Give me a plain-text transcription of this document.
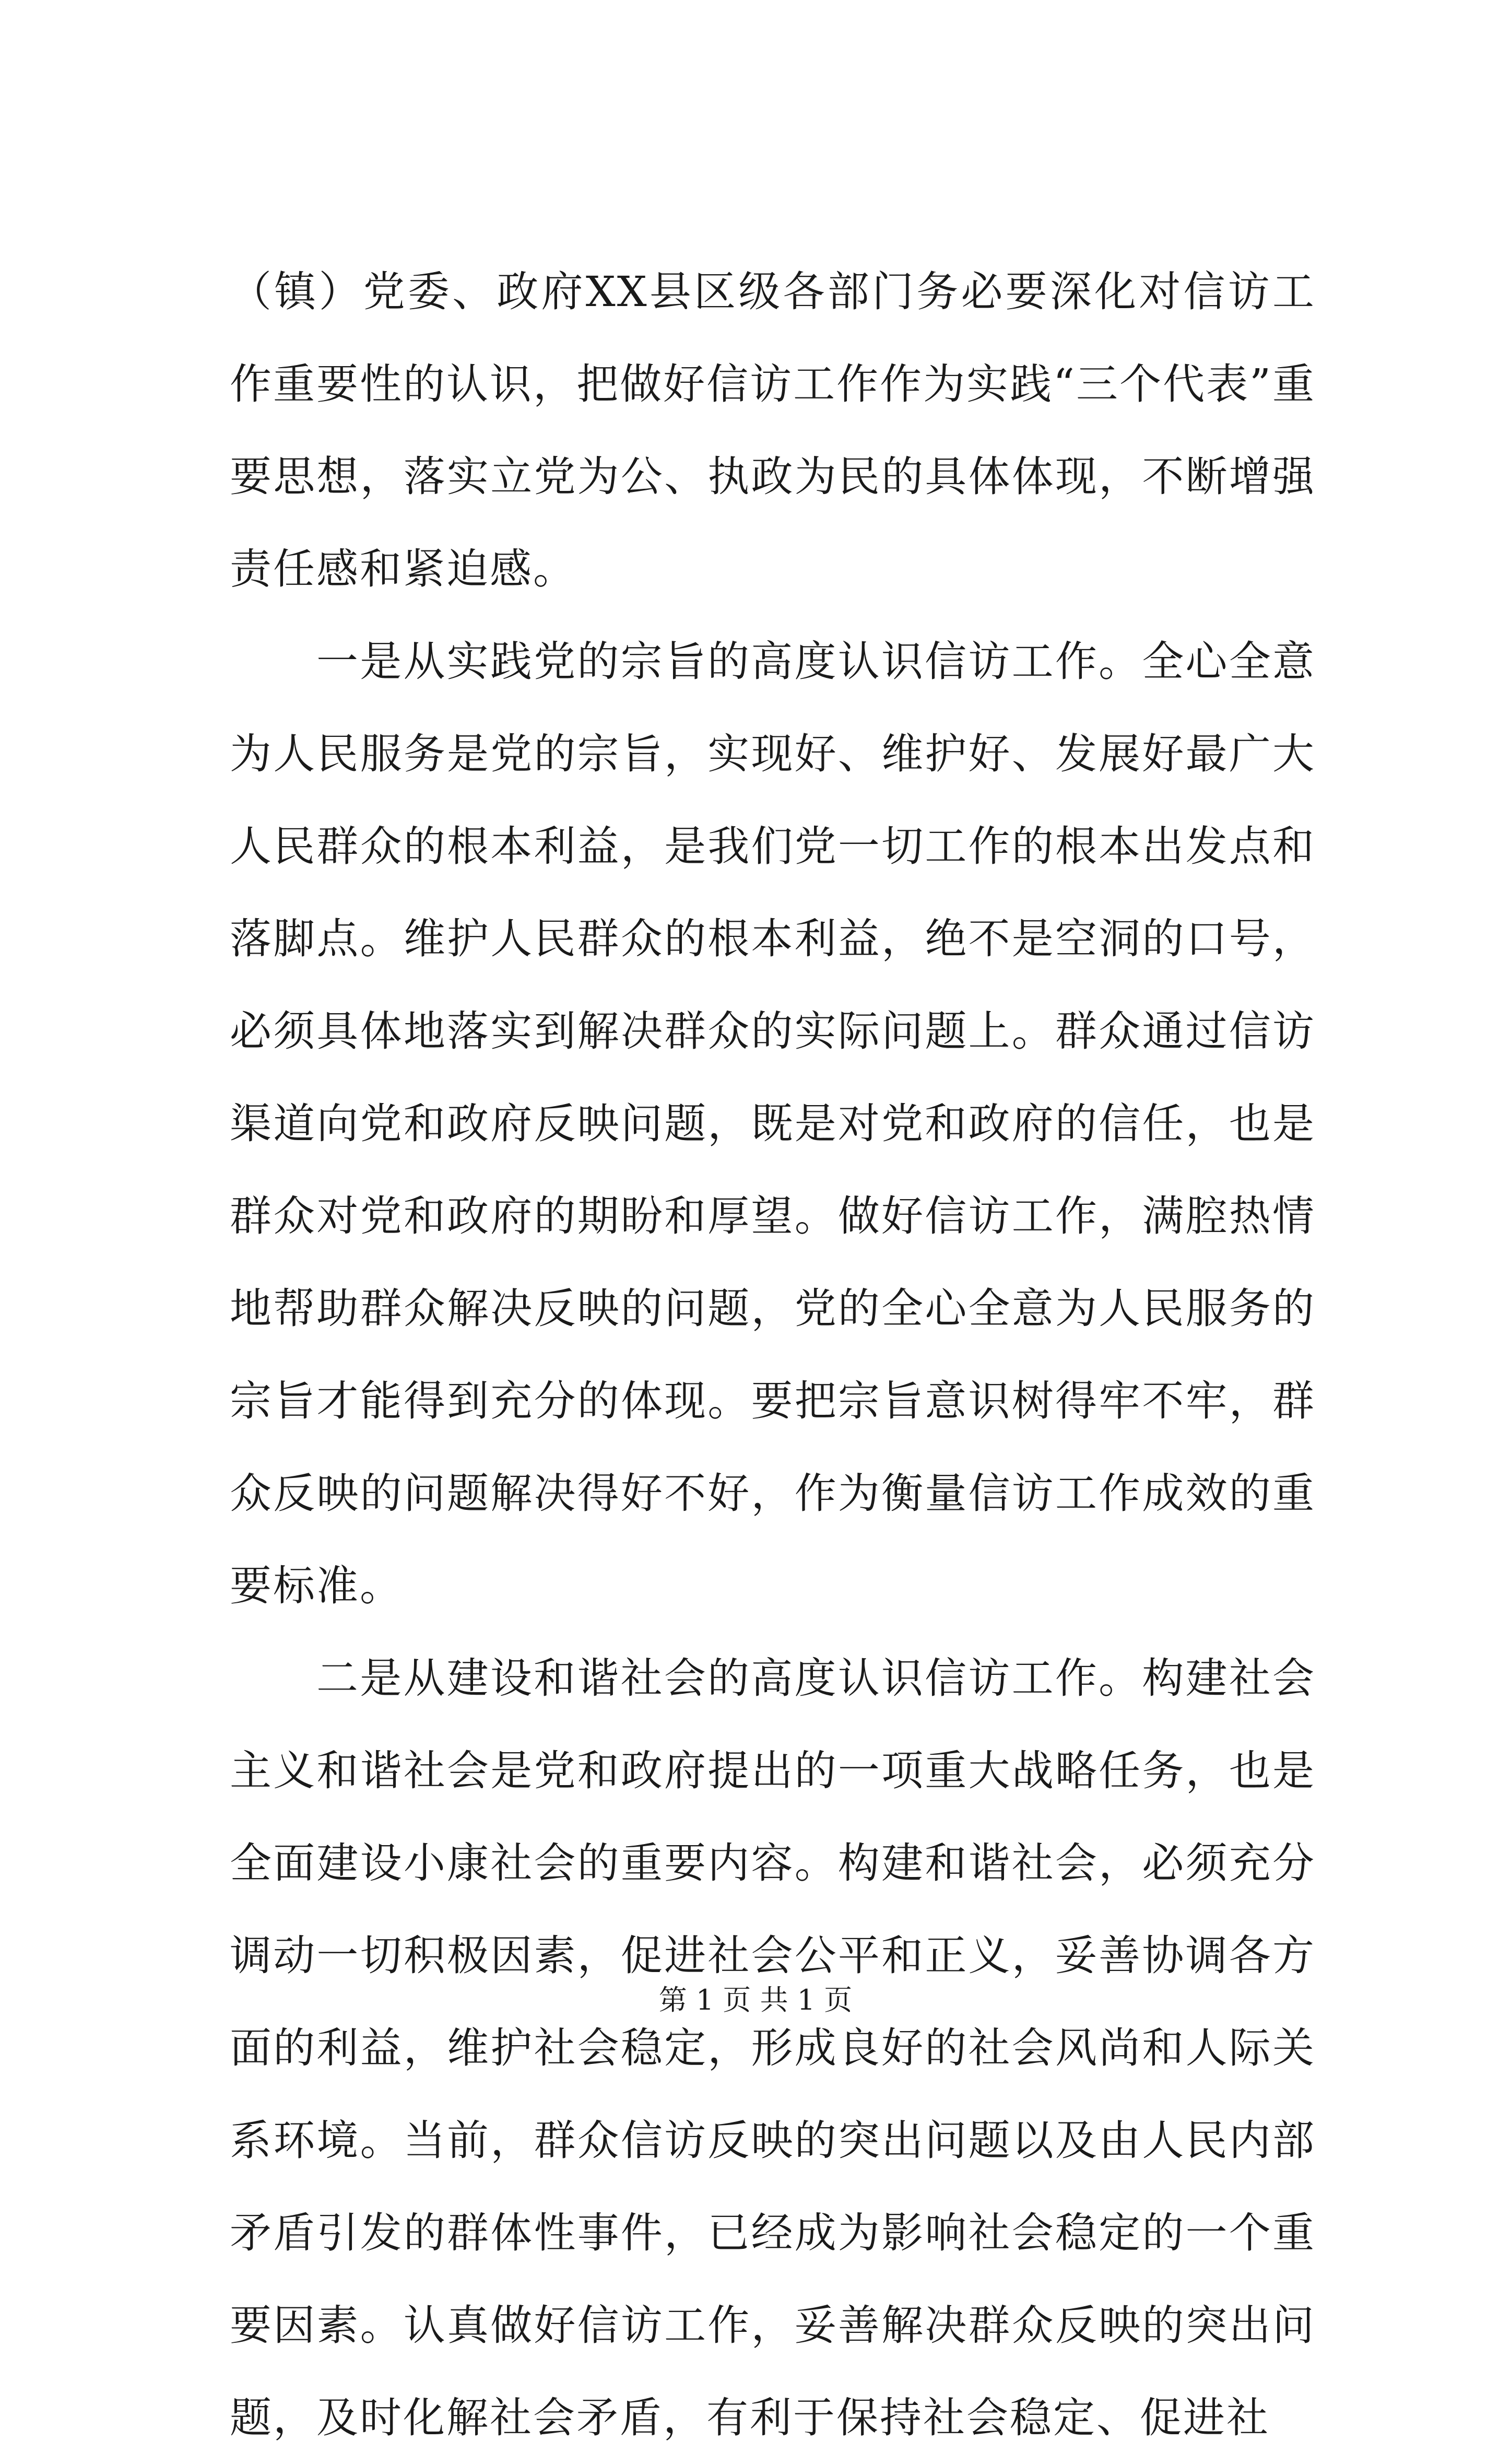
（镇）党委、政府XX县区级各部门务必要深化对信访工作重要性的认识，把做好信访工作作为实践“三个代表”重要思想，落实立党为公、执政为民的具体体现，不断增强责任感和紧迫感。

一是从实践党的宗旨的高度认识信访工作。全心全意为人民服务是党的宗旨，实现好、维护好、发展好最广大人民群众的根本利益，是我们党一切工作的根本出发点和落脚点。维护人民群众的根本利益，绝不是空洞的口号，必须具体地落实到解决群众的实际问题上。群众通过信访渠道向党和政府反映问题，既是对党和政府的信任，也是群众对党和政府的期盼和厚望。做好信访工作，满腔热情地帮助群众解决反映的问题，党的全心全意为人民服务的宗旨才能得到充分的体现。要把宗旨意识树得牢不牢，群众反映的问题解决得好不好，作为衡量信访工作成效的重要标准。

二是从建设和谐社会的高度认识信访工作。构建社会主义和谐社会是党和政府提出的一项重大战略任务，也是全面建设小康社会的重要内容。构建和谐社会，必须充分调动一切积极因素，促进社会公平和正义，妥善协调各方面的利益，维护社会稳定，形成良好的社会风尚和人际关系环境。当前，群众信访反映的突出问题以及由人民内部矛盾引发的群体性事件，已经成为影响社会稳定的一个重要因素。认真做好信访工作，妥善解决群众反映的突出问题，及时化解社会矛盾，有利于保持社会稳定、促进社

第 1 页 共 1 页
